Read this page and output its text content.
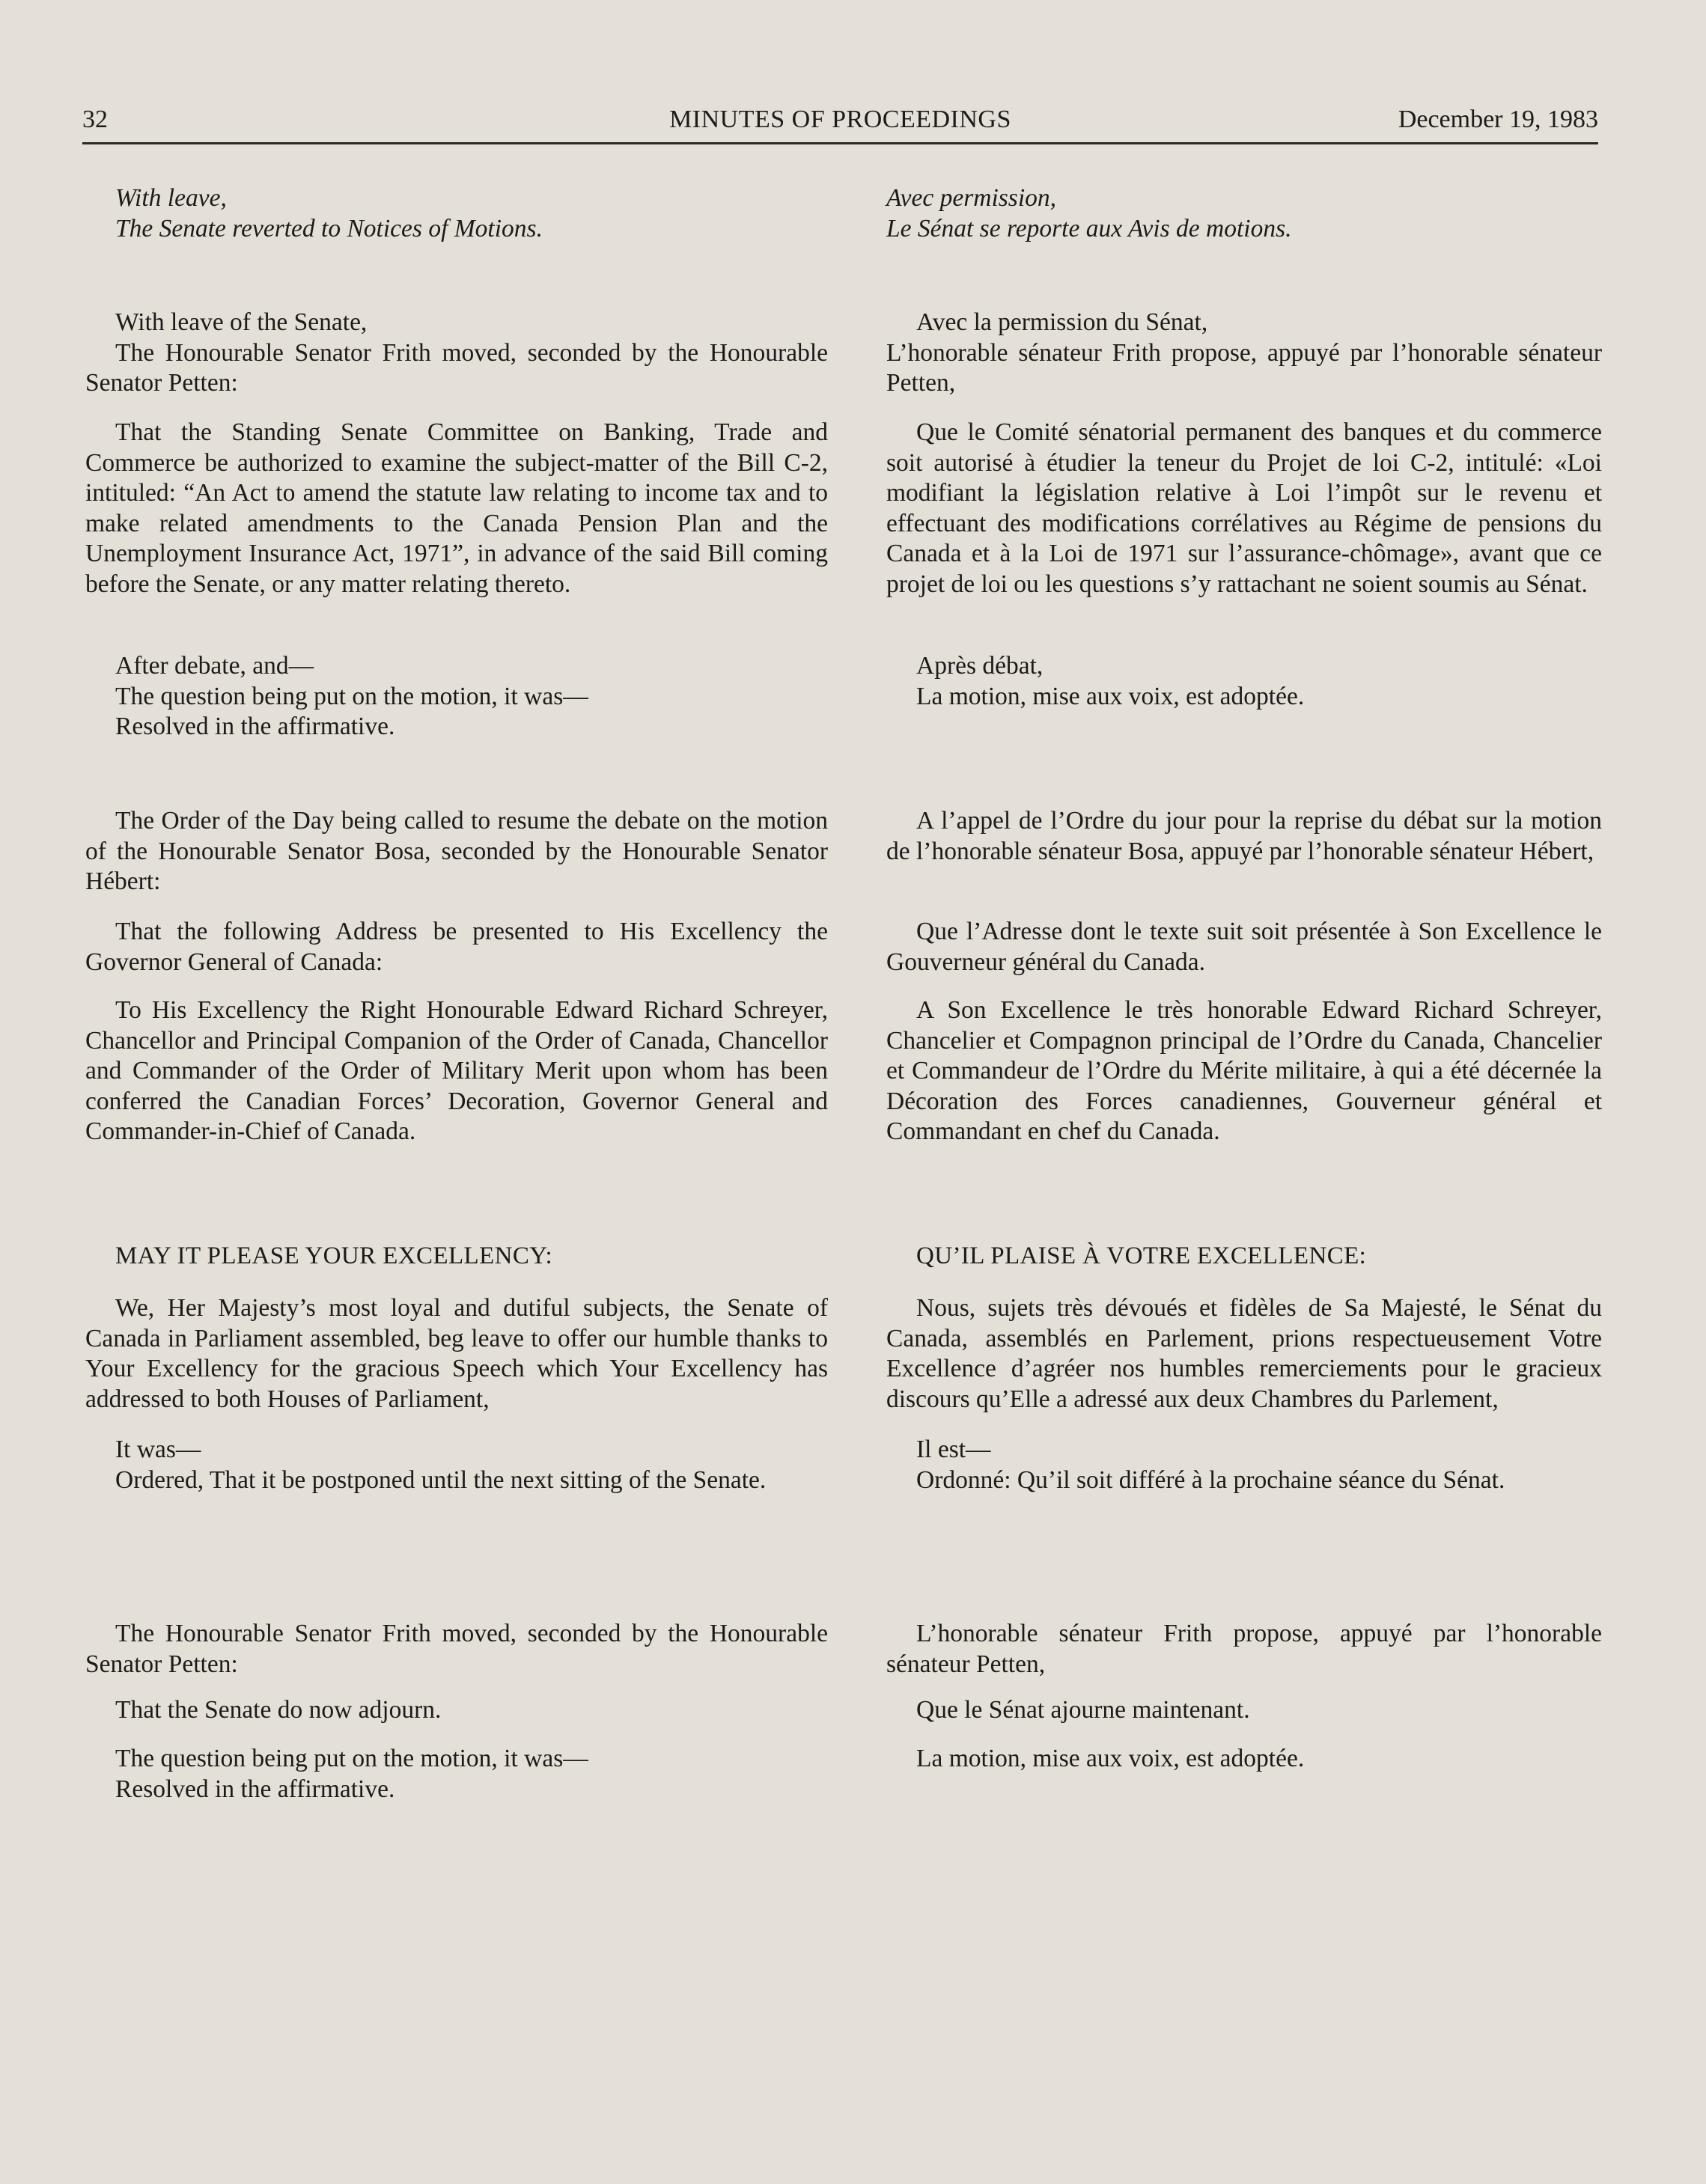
32	MINUTES OF PROCEEDINGS	December 19, 1983

With leave,

The Senate reverted to Notices of Motions.

With leave of the Senate,

The Honourable Senator Frith moved, seconded by the Honourable Senator Petten:

That the Standing Senate Committee on Banking, Trade and Commerce be authorized to examine the subject-matter of the Bill C-2, intituled: “An Act to amend the statute law relating to income tax and to make related amendments to the Canada Pension Plan and the Unemployment Insurance Act, 1971”, in advance of the said Bill coming before the Senate, or any matter relating thereto.

After debate, and—

The question being put on the motion, it was—

Resolved in the affirmative.

The Order of the Day being called to resume the debate on the motion of the Honourable Senator Bosa, seconded by the Honourable Senator Hébert:

That the following Address be presented to His Excellency the Governor General of Canada:

To His Excellency the Right Honourable Edward Richard Schreyer, Chancellor and Principal Companion of the Order of Canada, Chancellor and Commander of the Order of Military Merit upon whom has been conferred the Canadian Forces’ Decoration, Governor General and Commander-in-Chief of Canada.

MAY IT PLEASE YOUR EXCELLENCY:

We, Her Majesty’s most loyal and dutiful subjects, the Senate of Canada in Parliament assembled, beg leave to offer our humble thanks to Your Excellency for the gracious Speech which Your Excellency has addressed to both Houses of Parliament,

It was—

Ordered, That it be postponed until the next sitting of the Senate.

The Honourable Senator Frith moved, seconded by the Honourable Senator Petten:

That the Senate do now adjourn.

The question being put on the motion, it was—

Resolved in the affirmative.

Avec permission,

Le Sénat se reporte aux Avis de motions.

Avec la permission du Sénat,

L’honorable sénateur Frith propose, appuyé par l’honorable sénateur Petten,

Que le Comité sénatorial permanent des banques et du commerce soit autorisé à étudier la teneur du Projet de loi C-2, intitulé: «Loi modifiant la législation relative à Loi l’impôt sur le revenu et effectuant des modifications corrélatives au Régime de pensions du Canada et à la Loi de 1971 sur l’assurance-chômage», avant que ce projet de loi ou les questions s’y rattachant ne soient soumis au Sénat.

Après débat,

La motion, mise aux voix, est adoptée.

A l’appel de l’Ordre du jour pour la reprise du débat sur la motion de l’honorable sénateur Bosa, appuyé par l’honorable sénateur Hébert,

Que l’Adresse dont le texte suit soit présentée à Son Excellence le Gouverneur général du Canada.

A Son Excellence le très honorable Edward Richard Schreyer, Chancelier et Compagnon principal de l’Ordre du Canada, Chancelier et Commandeur de l’Ordre du Mérite militaire, à qui a été décernée la Décoration des Forces canadiennes, Gouverneur général et Commandant en chef du Canada.

QU’IL PLAISE À VOTRE EXCELLENCE:

Nous, sujets très dévoués et fidèles de Sa Majesté, le Sénat du Canada, assemblés en Parlement, prions respectueusement Votre Excellence d’agréer nos humbles remerciements pour le gracieux discours qu’Elle a adressé aux deux Chambres du Parlement,

Il est—

Ordonné: Qu’il soit différé à la prochaine séance du Sénat.

L’honorable sénateur Frith propose, appuyé par l’honorable sénateur Petten,

Que le Sénat ajourne maintenant.

La motion, mise aux voix, est adoptée.
